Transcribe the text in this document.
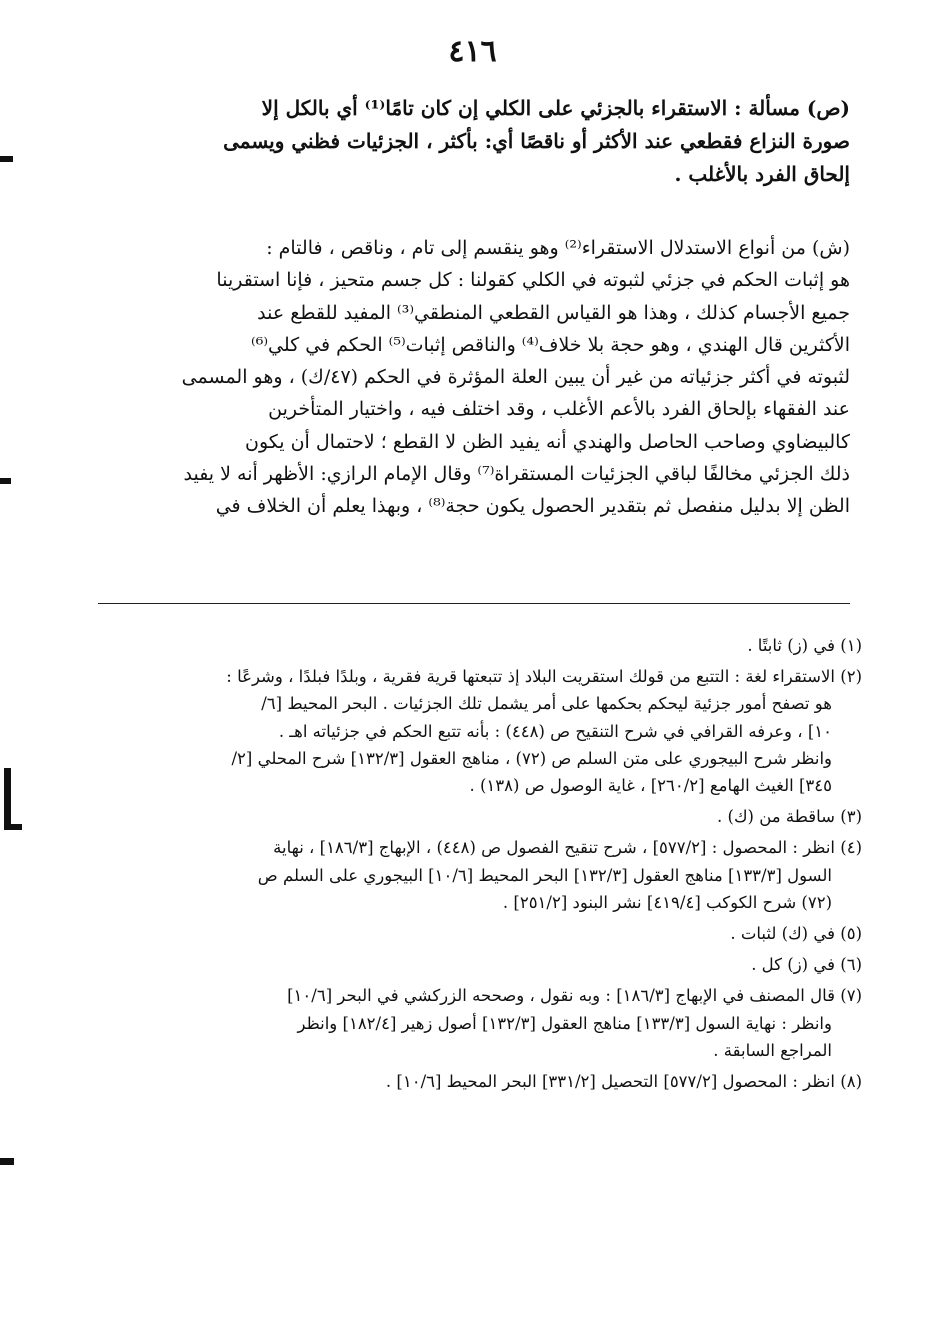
٤١٦
(ص) مسألة : الاستقراء بالجزئي على الكلي إن كان تامًا⁽¹⁾ أي بالكل إلا
صورة النزاع فقطعي عند الأكثر أو ناقصًا أي: بأكثر ، الجزئيات فظني ويسمى
إلحاق الفرد بالأغلب .
(ش) من أنواع الاستدلال الاستقراء⁽²⁾ وهو ينقسم إلى تام ، وناقص ، فالتام :
هو إثبات الحكم في جزئي لثبوته في الكلي كقولنا : كل جسم متحيز ، فإنا استقرينا
جميع الأجسام كذلك ، وهذا هو القياس القطعي المنطقي⁽³⁾ المفيد للقطع عند
الأكثرين قال الهندي ، وهو حجة بلا خلاف⁽⁴⁾ والناقص إثبات⁽⁵⁾ الحكم في كلي⁽⁶⁾
لثبوته في أكثر جزئياته من غير أن يبين العلة المؤثرة في الحكم (٤٧/ك) ، وهو المسمى
عند الفقهاء بإلحاق الفرد بالأعم الأغلب ، وقد اختلف فيه ، واختيار المتأخرين
كالبيضاوي وصاحب الحاصل والهندي أنه يفيد الظن لا القطع ؛ لاحتمال أن يكون
ذلك الجزئي مخالفًا لباقي الجزئيات المستقراة⁽⁷⁾ وقال الإمام الرازي: الأظهر أنه لا يفيد
الظن إلا بدليل منفصل ثم بتقدير الحصول يكون حجة⁽⁸⁾ ، وبهذا يعلم أن الخلاف في
(١) في (ز) ثابتًا .
(٢) الاستقراء لغة : التتبع من قولك استقريت البلاد إذ تتبعتها قرية فقرية ، وبلدًا فبلدًا ، وشرعًا :
هو تصفح أمور جزئية ليحكم بحكمها على أمر يشمل تلك الجزئيات . البحر المحيط [٦/
١٠] ، وعرفه القرافي في شرح التنقيح ص (٤٤٨) : بأنه تتبع الحكم في جزئياته اهـ .
وانظر شرح البيجوري على متن السلم ص (٧٢) ، مناهج العقول [١٣٢/٣] شرح المحلي [٢/
٣٤٥] الغيث الهامع [٢٦٠/٢] ، غاية الوصول ص (١٣٨) .
(٣) ساقطة من (ك) .
(٤) انظر : المحصول : [٥٧٧/٢] ، شرح تنقيح الفصول ص (٤٤٨) ، الإبهاج [١٨٦/٣] ، نهاية
السول [١٣٣/٣] مناهج العقول [١٣٢/٣] البحر المحيط [١٠/٦] البيجوري على السلم ص
(٧٢) شرح الكوكب [٤١٩/٤] نشر البنود [٢٥١/٢] .
(٥) في (ك) لثبات .
(٦) في (ز) كل .
(٧) قال المصنف في الإبهاج [١٨٦/٣] : وبه نقول ، وصححه الزركشي في البحر [١٠/٦]
وانظر : نهاية السول [١٣٣/٣] مناهج العقول [١٣٢/٣] أصول زهير [١٨٢/٤] وانظر
المراجع السابقة .
(٨) انظر : المحصول [٥٧٧/٢] التحصيل [٣٣١/٢] البحر المحيط [١٠/٦] .
